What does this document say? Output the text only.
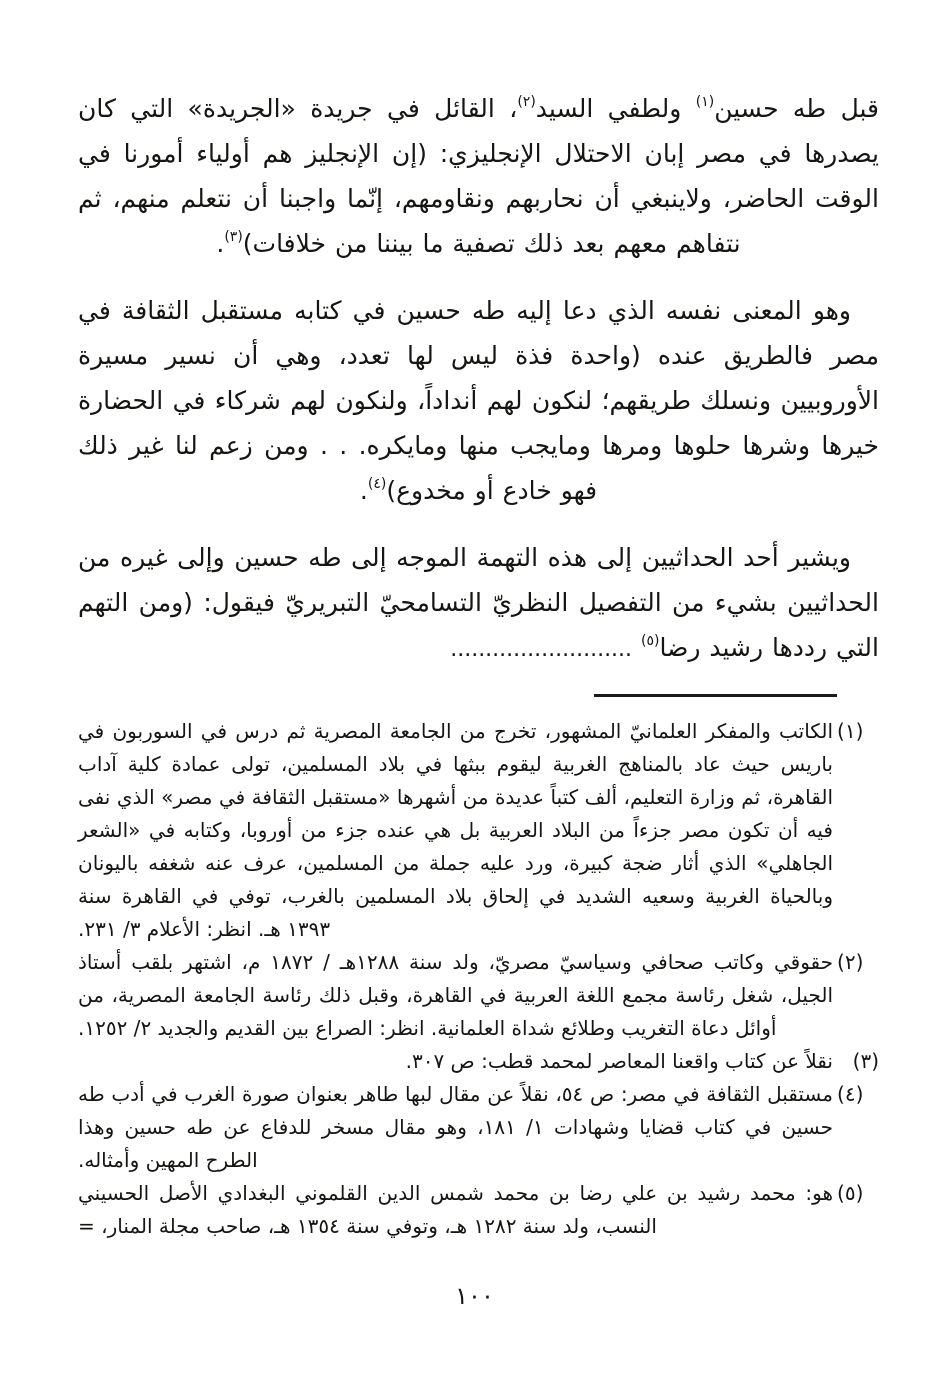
قبل طه حسين$^{(١)}$ ولطفي السيد$^{(٢)}$، القائل في جريدة «الجريدة» التي كان يصدرها في مصر إبان الاحتلال الإنجليزي: (إن الإنجليز هم أولياء أمورنا في الوقت الحاضر، ولاينبغي أن نحاربهم ونقاومهم، إنّما واجبنا أن نتعلم منهم، ثم نتفاهم معهم بعد ذلك تصفية ما بيننا من خلافات)$^{(٣)}$.

وهو المعنى نفسه الذي دعا إليه طه حسين في كتابه مستقبل الثقافة في مصر فالطريق عنده (واحدة فذة ليس لها تعدد، وهي أن نسير مسيرة الأوروبيين ونسلك طريقهم؛ لنكون لهم أنداداً، ولنكون لهم شركاء في الحضارة خيرها وشرها حلوها ومرها ومايجب منها ومايكره. . . ومن زعم لنا غير ذلك فهو خادع أو مخدوع)$^{(٤)}$.

ويشير أحد الحداثيين إلى هذه التهمة الموجه إلى طه حسين وإلى غيره من الحداثيين بشيء من التفصيل النظريّ التسامحيّ التبريريّ فيقول: (ومن التهم التي رددها رشيد رضا$^{(٥)}$ ..........................

(١)
الكاتب والمفكر العلمانيّ المشهور، تخرج من الجامعة المصرية ثم درس في السوربون في باريس حيث عاد بالمناهج الغربية ليقوم ببثها في بلاد المسلمين، تولى عمادة كلية آداب القاهرة، ثم وزارة التعليم، ألف كتباً عديدة من أشهرها «مستقبل الثقافة في مصر» الذي نفى فيه أن تكون مصر جزءاً من البلاد العربية بل هي عنده جزء من أوروبا، وكتابه في «الشعر الجاهلي» الذي أثار ضجة كبيرة، ورد عليه جملة من المسلمين، عرف عنه شغفه باليونان وبالحياة الغربية وسعيه الشديد في إلحاق بلاد المسلمين بالغرب، توفي في القاهرة سنة ١٣٩٣ هـ. انظر: الأعلام ٣/ ٢٣١.
(٢)
حقوقي وكاتب صحافي وسياسيّ مصريّ، ولد سنة ١٢٨٨هـ / ١٨٧٢ م، اشتهر بلقب أستاذ الجيل، شغل رئاسة مجمع اللغة العربية في القاهرة، وقبل ذلك رئاسة الجامعة المصرية، من أوائل دعاة التغريب وطلائع شداة العلمانية. انظر: الصراع بين القديم والجديد ٢/ ١٢٥٢.
(٣)
نقلاً عن كتاب واقعنا المعاصر لمحمد قطب: ص ٣٠٧.
(٤)
مستقبل الثقافة في مصر: ص ٥٤، نقلاً عن مقال لبها طاهر بعنوان صورة الغرب في أدب طه حسين في كتاب قضايا وشهادات ١/ ١٨١، وهو مقال مسخر للدفاع عن طه حسين وهذا الطرح المهين وأمثاله.
(٥)
هو: محمد رشيد بن علي رضا بن محمد شمس الدين القلموني البغدادي الأصل الحسيني النسب، ولد سنة ١٢٨٢ هـ، وتوفي سنة ١٣٥٤ هـ، صاحب مجلة المنار، =
١٠٠
